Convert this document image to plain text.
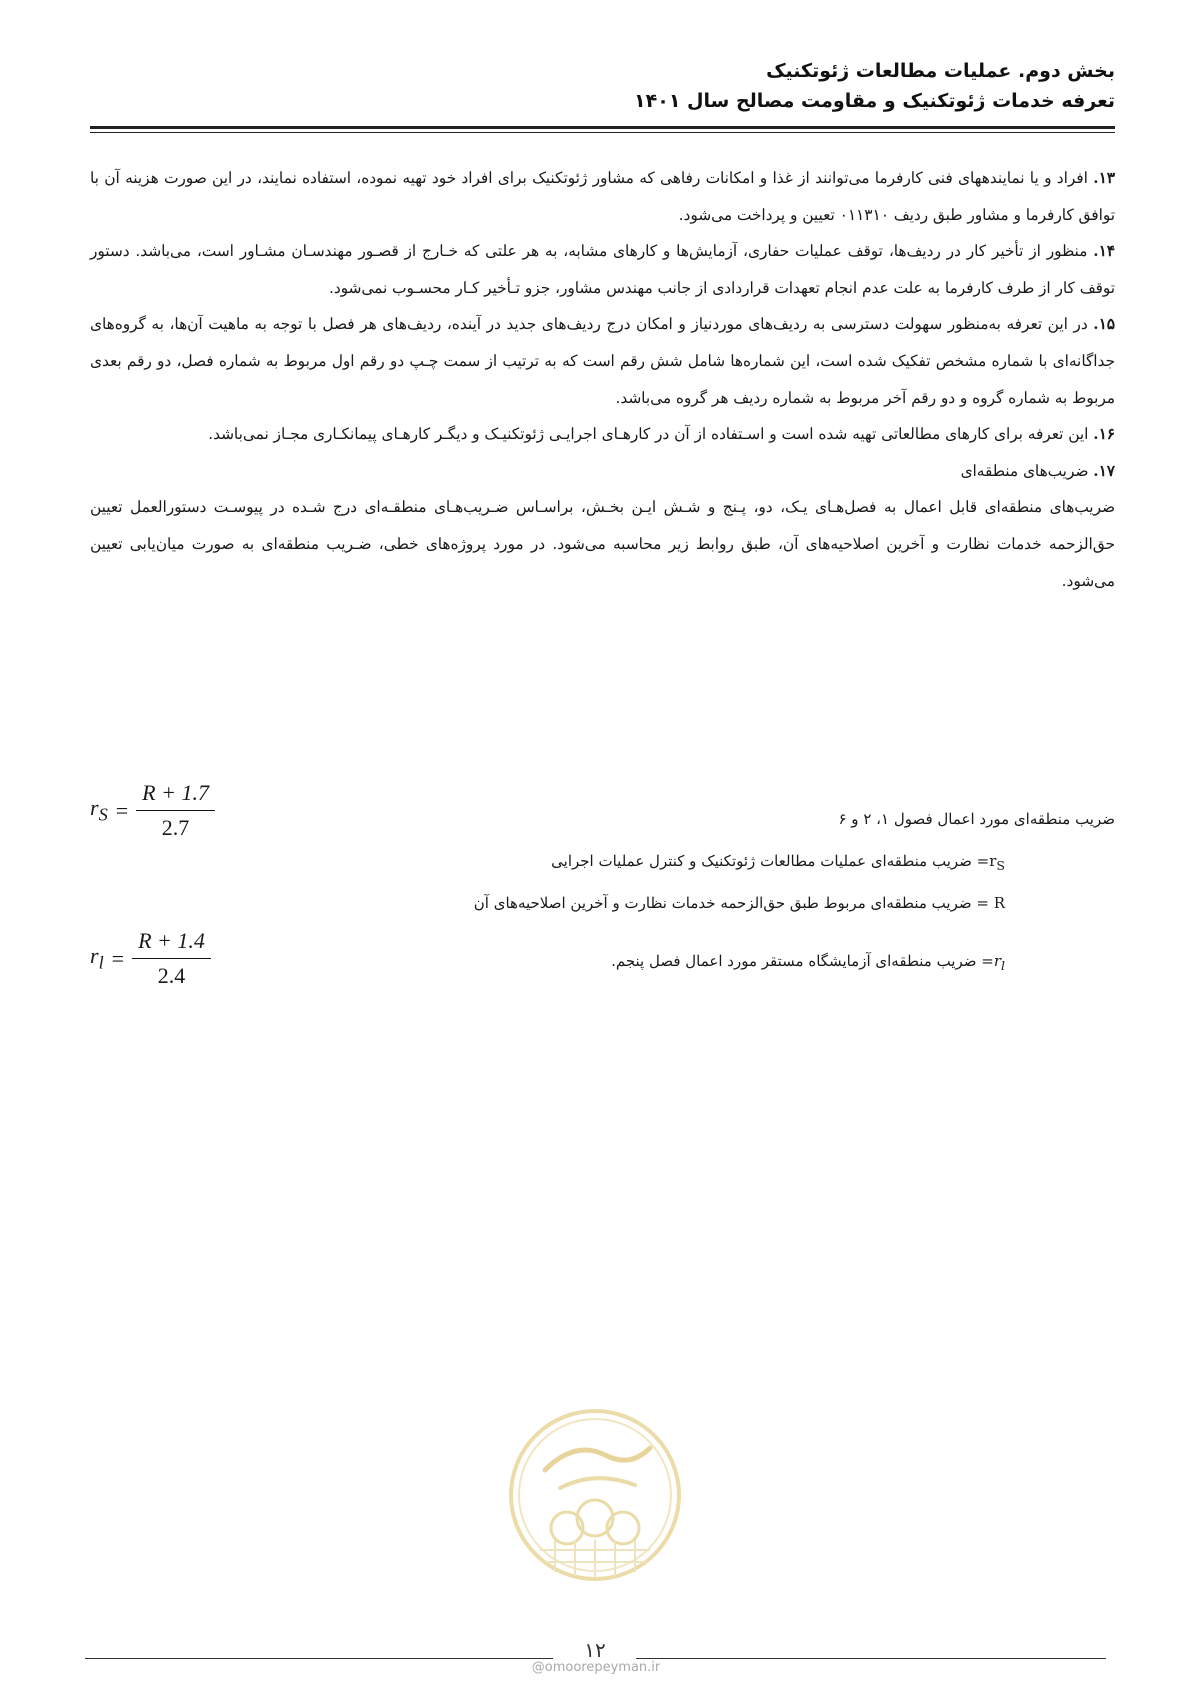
بخش دوم. عملیات مطالعات ژئوتکنیک
تعرفه خدمات ژئوتکنیک و مقاومت مصالح سال ۱۴۰۱

۱۳. افراد و یا نمایندههای فنی کارفرما می‌توانند از غذا و امکانات رفاهی که مشاور ژئوتکنیک برای افراد خود تهیه نموده، استفاده نمایند، در این صورت هزینه آن با توافق کارفرما و مشاور طبق ردیف ۰۱۱۳۱۰ تعیین و پرداخت می‌شود.

۱۴. منظور از تأخیر کار در ردیف‌ها، توقف عملیات حفاری، آزمایش‌ها و کارهای مشابه، به هر علتی که خـارج از قصـور مهندسـان مشـاور است، می‌باشد. دستور توقف کار از طرف کارفرما به علت عدم انجام تعهدات قراردادی از جانب مهندس مشاور، جزو تـأخیر کـار محسـوب نمی‌شود.

۱۵. در این تعرفه به‌منظور سهولت دسترسی به ردیف‌های موردنیاز و امکان درج ردیف‌های جدید در آینده، ردیف‌های هر فصل با توجه به ماهیت آن‌ها، به گروه‌های جداگانه‌ای با شماره مشخص تفکیک شده است، این شماره‌ها شامل شش رقم است که به ترتیب از سمت چـپ دو رقم اول مربوط به شماره فصل، دو رقم بعدی مربوط به شماره گروه و دو رقم آخر مربوط به شماره ردیف هر گروه می‌باشد.

۱۶. این تعرفه برای کارهای مطالعاتی تهیه شده است و اسـتفاده از آن در کارهـای اجرایـی ژئوتکنیـک و دیگـر کارهـای پیمانکـاری مجـاز نمی‌باشد.

۱۷. ضریب‌های منطقه‌ای

ضریب‌های منطقه‌ای قابل اعمال به فصل‌هـای یـک، دو، پـنج و شـش ایـن بخـش، براسـاس ضـریب‌هـای منطقـه‌ای درج شـده در پیوسـت دستورالعمل تعیین حق‌الزحمه خدمات نظارت و آخرین اصلاحیه‌های آن، طبق روابط زیر محاسبه می‌شود. در مورد پروژه‌های خطی، ضـریب منطقه‌ای به صورت میان‌یابی تعیین می‌شود.

ضریب منطقه‌ای مورد اعمال فصول ۱، ۲ و ۶
$r_S=$ ضریب منطقه‌ای عملیات مطالعات ژئوتکنیک و کنترل عملیات اجرایی
R = ضریب منطقه‌ای مربوط طبق حق‌الزحمه خدمات نظارت و آخرین اصلاحیه‌های آن
$r_l=$ ضریب منطقه‌ای آزمایشگاه مستقر مورد اعمال فصل پنجم.
$r_S = \frac{R + 1.7}{2.7}$
$r_l = \frac{R + 1.4}{2.4}$
۱۲
@omoorepeyman.ir
